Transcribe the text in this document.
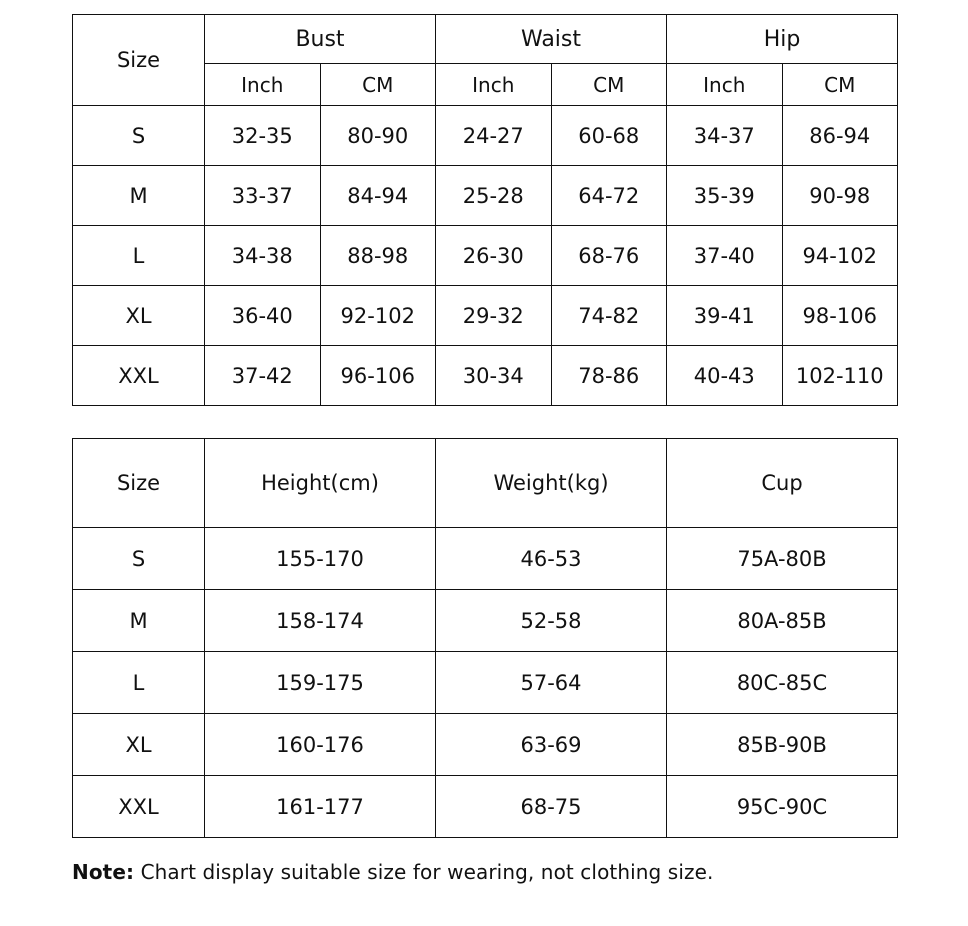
Size	Bust		Waist		Hip	
	Inch	CM	Inch	CM	Inch	CM
S	32-35	80-90	24-27	60-68	34-37	86-94
M	33-37	84-94	25-28	64-72	35-39	90-98
L	34-38	88-98	26-30	68-76	37-40	94-102
XL	36-40	92-102	29-32	74-82	39-41	98-106
XXL	37-42	96-106	30-34	78-86	40-43	102-110
Size	Height(cm)	Weight(kg)	Cup
S	155-170	46-53	75A-80B
M	158-174	52-58	80A-85B
L	159-175	57-64	80C-85C
XL	160-176	63-69	85B-90B
XXL	161-177	68-75	95C-90C
Note: Chart display suitable size for wearing, not clothing size.
